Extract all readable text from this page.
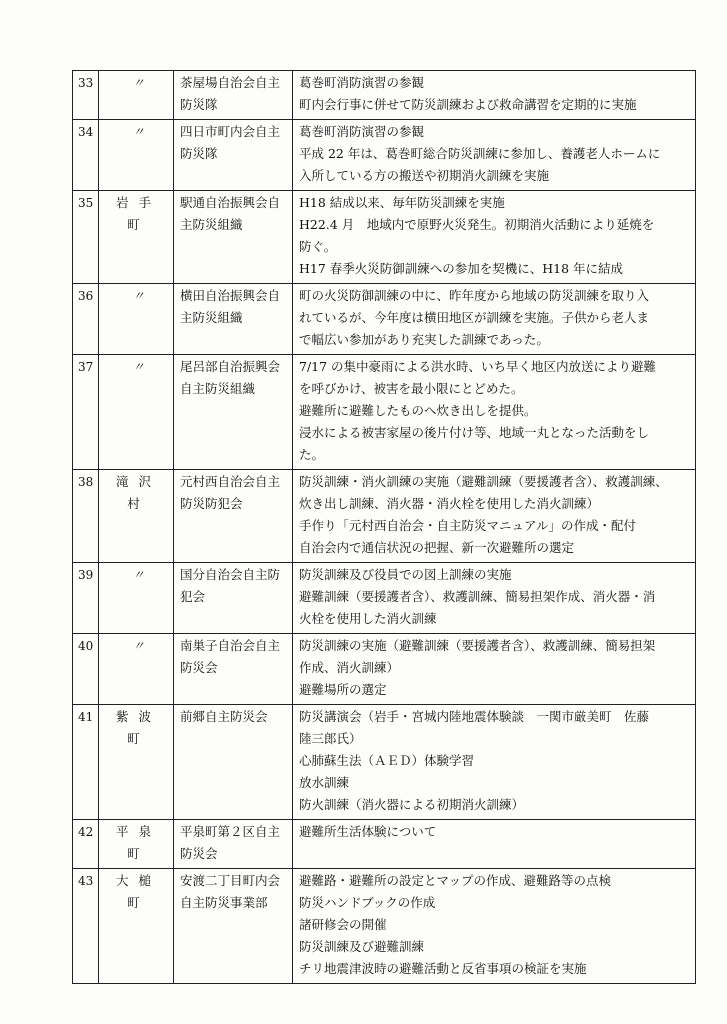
33	〃	茶屋場自治会自主防災隊	葛巻町消防演習の参観
町内会行事に併せて防災訓練および救命講習を定期的に実施

34	〃	四日市町内会自主防災隊	葛巻町消防演習の参観
平成 22 年は、葛巻町総合防災訓練に参加し、養護老人ホームに
入所している方の搬送や初期消火訓練を実施

35	岩手町	駅通自治振興会自主防災組織	H18 結成以来、毎年防災訓練を実施
H22.4 月　地域内で原野火災発生。初期消火活動により延焼を
防ぐ。
H17 春季火災防御訓練への参加を契機に、H18 年に結成

36	〃	横田自治振興会自主防災組織	町の火災防御訓練の中に、昨年度から地域の防災訓練を取り入
れているが、今年度は横田地区が訓練を実施。子供から老人ま
で幅広い参加があり充実した訓練であった。

37	〃	尾呂部自治振興会自主防災組織	7/17 の集中豪雨による洪水時、いち早く地区内放送により避難
を呼びかけ、被害を最小限にとどめた。
避難所に避難したものへ炊き出しを提供。
浸水による被害家屋の後片付け等、地域一丸となった活動をし
た。

38	滝沢村	元村西自治会自主防災防犯会	防災訓練・消火訓練の実施（避難訓練（要援護者含）、救護訓練、
炊き出し訓練、消火器・消火栓を使用した消火訓練）
手作り「元村西自治会・自主防災マニュアル」の作成・配付
自治会内で通信状況の把握、新一次避難所の選定

39	〃	国分自治会自主防犯会	防災訓練及び役員での図上訓練の実施
避難訓練（要援護者含）、救護訓練、簡易担架作成、消火器・消
火栓を使用した消火訓練

40	〃	南巣子自治会自主防災会	防災訓練の実施（避難訓練（要援護者含）、救護訓練、簡易担架
作成、消火訓練）
避難場所の選定

41	紫波町	前郷自主防災会	防災講演会（岩手・宮城内陸地震体験談　一関市厳美町　佐藤
陸三郎氏）
心肺蘇生法（ＡＥＤ）体験学習
放水訓練
防火訓練（消火器による初期消火訓練）

42	平泉町	平泉町第２区自主防災会	避難所生活体験について

43	大槌町	安渡二丁目町内会自主防災事業部	避難路・避難所の設定とマップの作成、避難路等の点検
防災ハンドブックの作成
諸研修会の開催
防災訓練及び避難訓練
チリ地震津波時の避難活動と反省事項の検証を実施
